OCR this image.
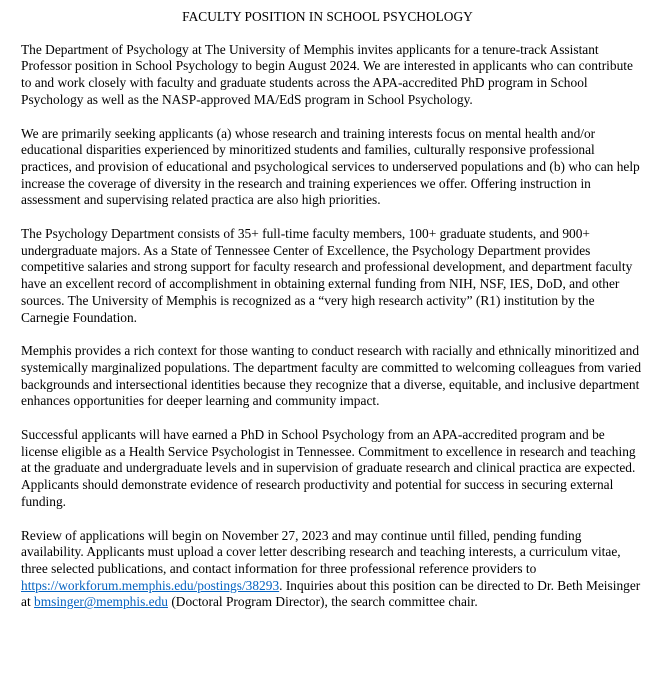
FACULTY POSITION IN SCHOOL PSYCHOLOGY

The Department of Psychology at The University of Memphis invites applicants for a tenure-track Assistant Professor position in School Psychology to begin August 2024. We are interested in applicants who can contribute to and work closely with faculty and graduate students across the APA-accredited PhD program in School Psychology as well as the NASP-approved MA/EdS program in School Psychology.

We are primarily seeking applicants (a) whose research and training interests focus on mental health and/or educational disparities experienced by minoritized students and families, culturally responsive professional practices, and provision of educational and psychological services to underserved populations and (b) who can help increase the coverage of diversity in the research and training experiences we offer. Offering instruction in assessment and supervising related practica are also high priorities.

The Psychology Department consists of 35+ full-time faculty members, 100+ graduate students, and 900+ undergraduate majors. As a State of Tennessee Center of Excellence, the Psychology Department provides competitive salaries and strong support for faculty research and professional development, and department faculty have an excellent record of accomplishment in obtaining external funding from NIH, NSF, IES, DoD, and other sources. The University of Memphis is recognized as a “very high research activity” (R1) institution by the Carnegie Foundation.

Memphis provides a rich context for those wanting to conduct research with racially and ethnically minoritized and systemically marginalized populations. The department faculty are committed to welcoming colleagues from varied backgrounds and intersectional identities because they recognize that a diverse, equitable, and inclusive department enhances opportunities for deeper learning and community impact.

Successful applicants will have earned a PhD in School Psychology from an APA-accredited program and be license eligible as a Health Service Psychologist in Tennessee. Commitment to excellence in research and teaching at the graduate and undergraduate levels and in supervision of graduate research and clinical practica are expected. Applicants should demonstrate evidence of research productivity and potential for success in securing external funding.

Review of applications will begin on November 27, 2023 and may continue until filled, pending funding availability. Applicants must upload a cover letter describing research and teaching interests, a curriculum vitae, three selected publications, and contact information for three professional reference providers to https://workforum.memphis.edu/postings/38293. Inquiries about this position can be directed to Dr. Beth Meisinger at bmsinger@memphis.edu (Doctoral Program Director), the search committee chair.
